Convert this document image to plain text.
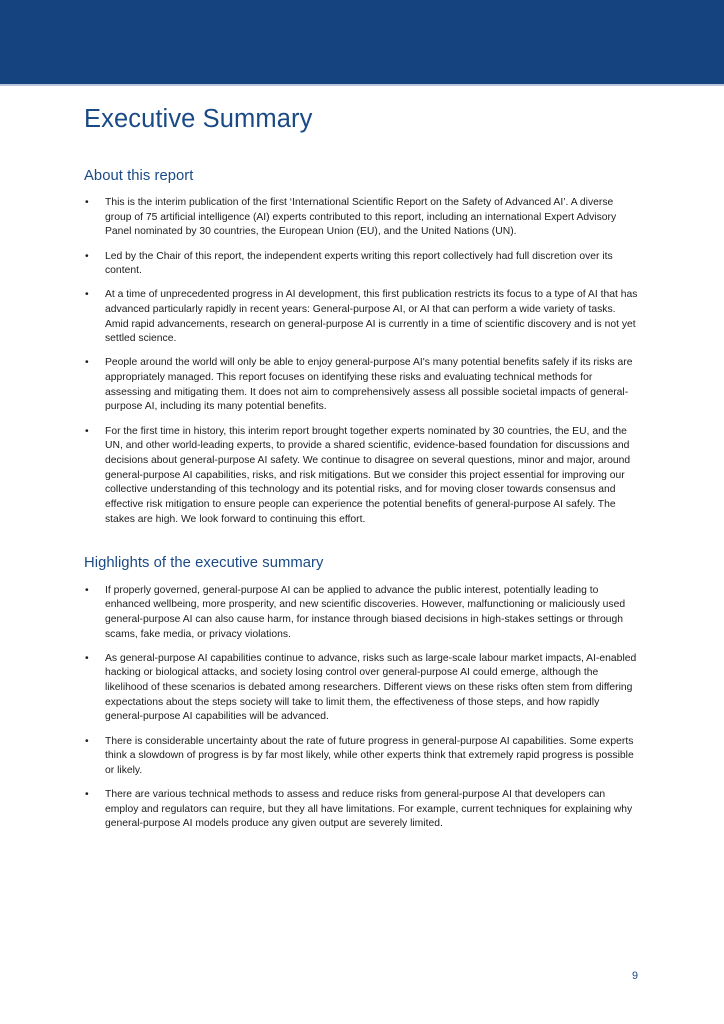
Executive Summary
About this report
• This is the interim publication of the first ‘International Scientific Report on the Safety of Advanced AI’. A diverse group of 75 artificial intelligence (AI) experts contributed to this report, including an international Expert Advisory Panel nominated by 30 countries, the European Union (EU), and the United Nations (UN).
• Led by the Chair of this report, the independent experts writing this report collectively had full discretion over its content.
• At a time of unprecedented progress in AI development, this first publication restricts its focus to a type of AI that has advanced particularly rapidly in recent years: General-purpose AI, or AI that can perform a wide variety of tasks. Amid rapid advancements, research on general-purpose AI is currently in a time of scientific discovery and is not yet settled science.
• People around the world will only be able to enjoy general-purpose AI's many potential benefits safely if its risks are appropriately managed. This report focuses on identifying these risks and evaluating technical methods for assessing and mitigating them. It does not aim to comprehensively assess all possible societal impacts of general-purpose AI, including its many potential benefits.
• For the first time in history, this interim report brought together experts nominated by 30 countries, the EU, and the UN, and other world-leading experts, to provide a shared scientific, evidence-based foundation for discussions and decisions about general-purpose AI safety. We continue to disagree on several questions, minor and major, around general-purpose AI capabilities, risks, and risk mitigations. But we consider this project essential for improving our collective understanding of this technology and its potential risks, and for moving closer towards consensus and effective risk mitigation to ensure people can experience the potential benefits of general-purpose AI safely. The stakes are high. We look forward to continuing this effort.
Highlights of the executive summary
• If properly governed, general-purpose AI can be applied to advance the public interest, potentially leading to enhanced wellbeing, more prosperity, and new scientific discoveries. However, malfunctioning or maliciously used general-purpose AI can also cause harm, for instance through biased decisions in high-stakes settings or through scams, fake media, or privacy violations.
• As general-purpose AI capabilities continue to advance, risks such as large-scale labour market impacts, AI-enabled hacking or biological attacks, and society losing control over general-purpose AI could emerge, although the likelihood of these scenarios is debated among researchers. Different views on these risks often stem from differing expectations about the steps society will take to limit them, the effectiveness of those steps, and how rapidly general-purpose AI capabilities will be advanced.
• There is considerable uncertainty about the rate of future progress in general-purpose AI capabilities. Some experts think a slowdown of progress is by far most likely, while other experts think that extremely rapid progress is possible or likely.
• There are various technical methods to assess and reduce risks from general-purpose AI that developers can employ and regulators can require, but they all have limitations. For example, current techniques for explaining why general-purpose AI models produce any given output are severely limited.
9
